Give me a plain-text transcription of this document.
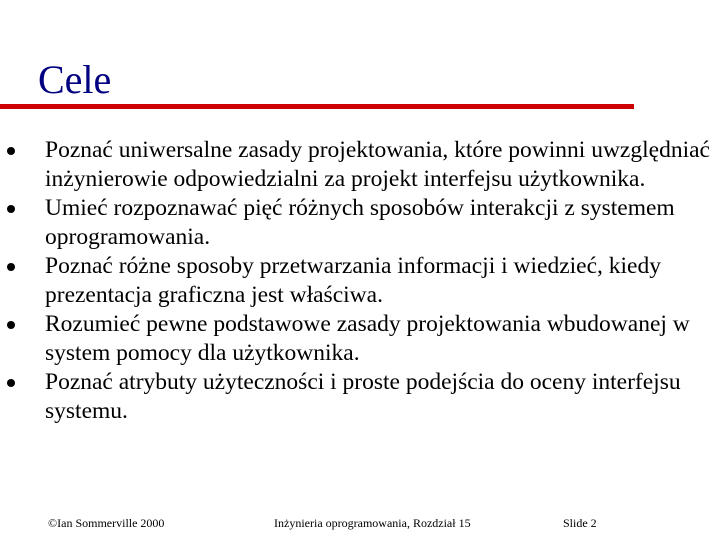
Cele
Poznać uniwersalne zasady projektowania, które powinni uwzględniać inżynierowie odpowiedzialni za projekt interfejsu użytkownika.
Umieć rozpoznawać pięć różnych sposobów interakcji z systemem oprogramowania.
Poznać różne sposoby przetwarzania informacji i wiedzieć, kiedy prezentacja graficzna jest właściwa.
Rozumieć pewne podstawowe zasady projektowania wbudowanej w system pomocy dla użytkownika.
Poznać atrybuty użyteczności i proste podejścia do oceny interfejsu systemu.
©Ian Sommerville 2000	Inżynieria oprogramowania, Rozdział 15	Slide 2
